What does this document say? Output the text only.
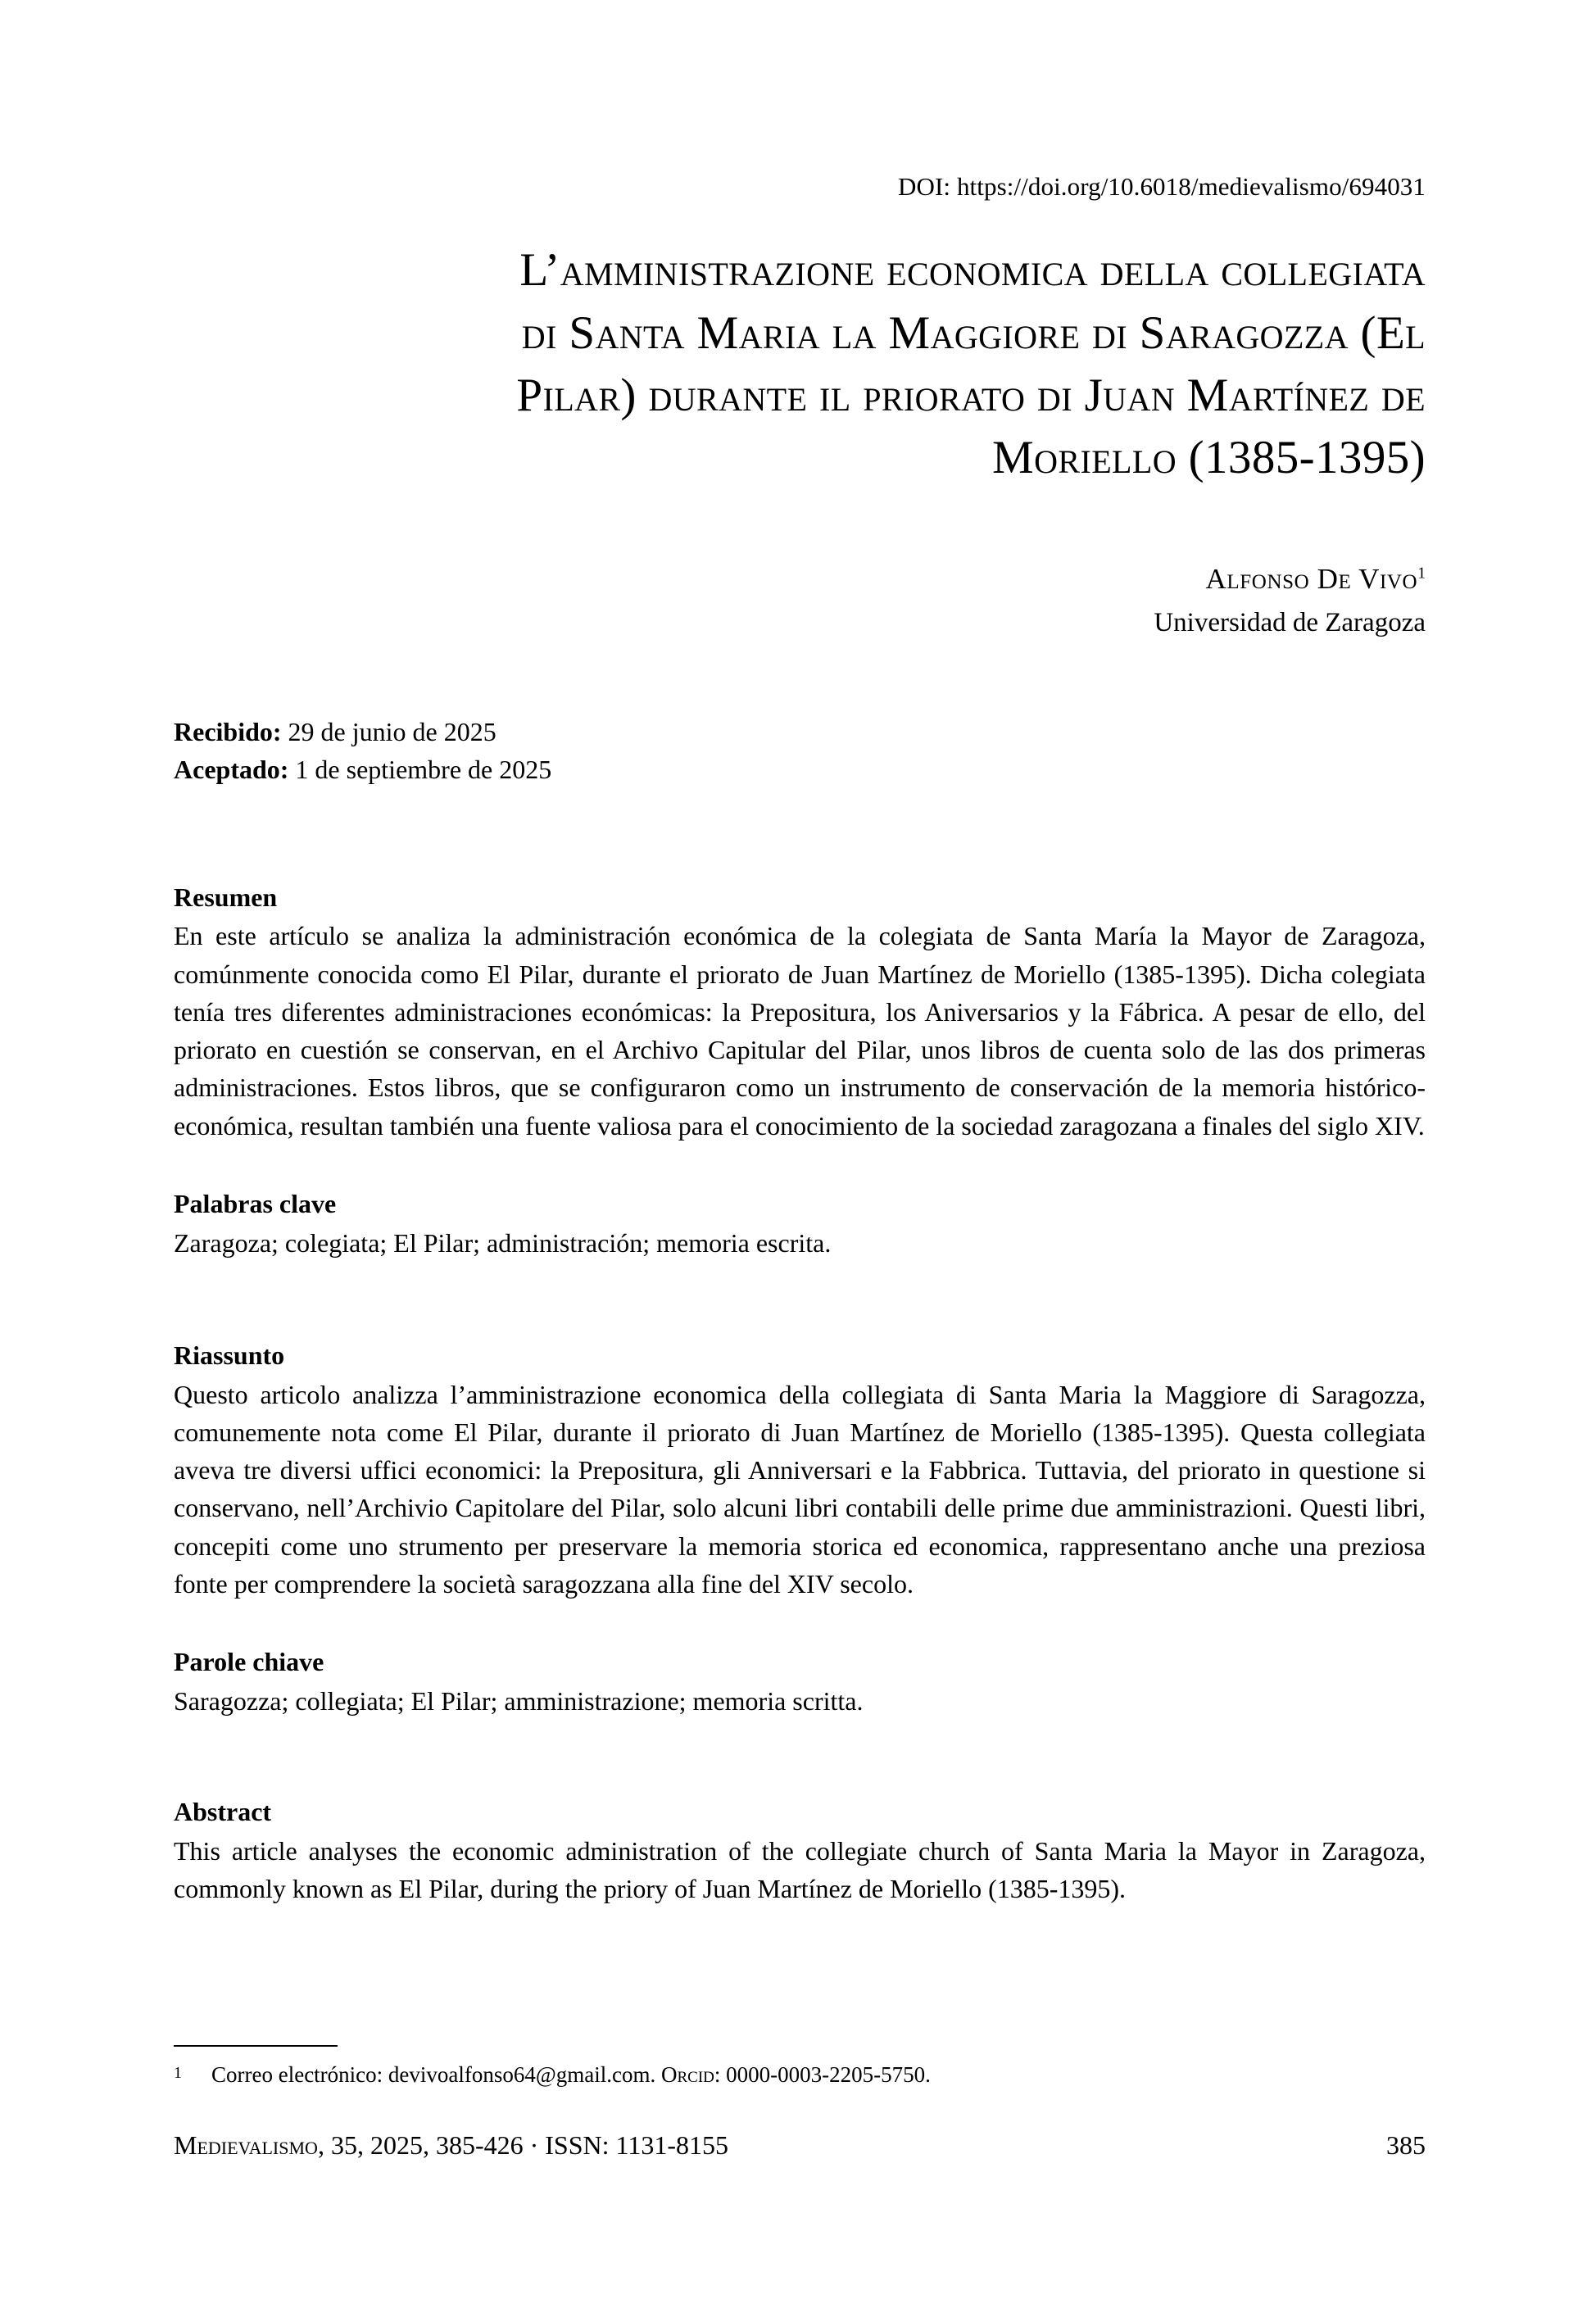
DOI: https://doi.org/10.6018/medievalismo/694031
L’amministrazione economica della collegiata
di Santa Maria la Maggiore di Saragozza (El
Pilar) durante il priorato di Juan Martínez de
Moriello (1385-1395)
Alfonso De Vivo$^1$
Universidad de Zaragoza
Recibido: 29 de junio de 2025
Aceptado: 1 de septiembre de 2025
Resumen
En este artículo se analiza la administración económica de la colegiata de Santa María la Mayor de Zaragoza, comúnmente conocida como El Pilar, durante el priorato de Juan Martínez de Moriello (1385-1395). Dicha colegiata tenía tres diferentes administraciones económicas: la Prepositura, los Aniversarios y la Fábrica. A pesar de ello, del priorato en cuestión se conservan, en el Archivo Capitular del Pilar, unos libros de cuenta solo de las dos primeras administraciones. Estos libros, que se configuraron como un instrumento de conservación de la memoria histórico-económica, resultan también una fuente valiosa para el conocimiento de la sociedad zaragozana a finales del siglo XIV.
Palabras clave
Zaragoza; colegiata; El Pilar; administración; memoria escrita.
Riassunto
Questo articolo analizza l’amministrazione economica della collegiata di Santa Maria la Maggiore di Saragozza, comunemente nota come El Pilar, durante il priorato di Juan Martínez de Moriello (1385-1395). Questa collegiata aveva tre diversi uffici economici: la Prepositura, gli Anniversari e la Fabbrica. Tuttavia, del priorato in questione si conservano, nell’Archivio Capitolare del Pilar, solo alcuni libri contabili delle prime due amministrazioni. Questi libri, concepiti come uno strumento per preservare la memoria storica ed economica, rappresentano anche una preziosa fonte per comprendere la società saragozzana alla fine del XIV secolo.
Parole chiave
Saragozza; collegiata; El Pilar; amministrazione; memoria scritta.
Abstract
This article analyses the economic administration of the collegiate church of Santa Maria la Mayor in Zaragoza, commonly known as El Pilar, during the priory of Juan Martínez de Moriello (1385-1395).
1	Correo electrónico: devivoalfonso64@gmail.com. Orcid: 0000-0003-2205-5750.
Medievalismo, 35, 2025, 385-426 · ISSN: 1131-8155	385
